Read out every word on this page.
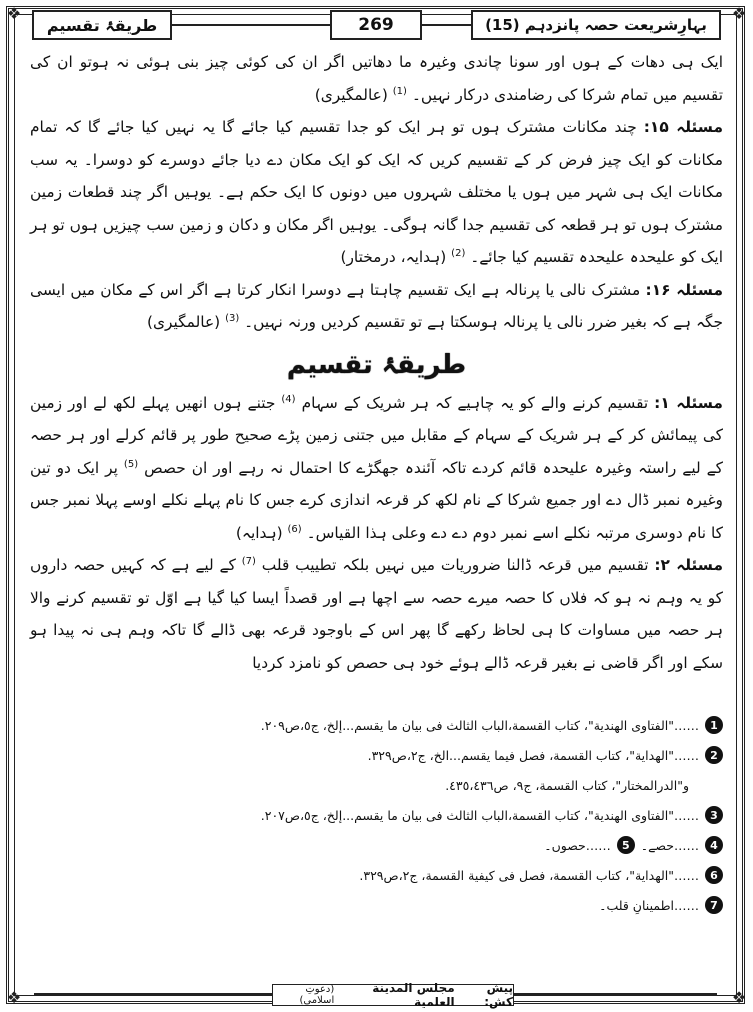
❖	❖
❖	❖
بہارِشریعت حصہ پانزدہم (15)
269
طریقۂ تقسیم

ایک ہی دھات کے ہوں اور سونا چاندی وغیرہ ما دھاتیں اگر ان کی کوئی چیز بنی ہوئی نہ ہوتو ان کی تقسیم میں تمام شرکا کی رضامندی درکار نہیں۔ $^{(1)}$ (عالمگیری)

مسئلہ ۱۵: چند مکانات مشترک ہوں تو ہر ایک کو جدا تقسیم کیا جائے گا یہ نہیں کیا جائے گا کہ تمام مکانات کو ایک چیز فرض کر کے تقسیم کریں کہ ایک کو ایک مکان دے دیا جائے دوسرے کو دوسرا۔ یہ سب مکانات ایک ہی شہر میں ہوں یا مختلف شہروں میں دونوں کا ایک حکم ہے۔ یوہیں اگر چند قطعات زمین مشترک ہوں تو ہر قطعہ کی تقسیم جدا گانہ ہوگی۔ یوہیں اگر مکان و دکان و زمین سب چیزیں ہوں تو ہر ایک کو علیحدہ علیحدہ تقسیم کیا جائے۔ $^{(2)}$ (ہدایہ، درمختار)

مسئلہ ۱۶: مشترک نالی یا پرنالہ ہے ایک تقسیم چاہتا ہے دوسرا انکار کرتا ہے اگر اس کے مکان میں ایسی جگہ ہے کہ بغیر ضرر نالی یا پرنالہ ہوسکتا ہے تو تقسیم کردیں ورنہ نہیں۔ $^{(3)}$ (عالمگیری)

طریقۂ تقسیم

مسئلہ ۱: تقسیم کرنے والے کو یہ چاہیے کہ ہر شریک کے سہام $^{(4)}$ جتنے ہوں انھیں پہلے لکھ لے اور زمین کی پیمائش کر کے ہر شریک کے سہام کے مقابل میں جتنی زمین پڑے صحیح طور پر قائم کرلے اور ہر حصہ کے لیے راستہ وغیرہ علیحدہ قائم کردے تاکہ آئندہ جھگڑے کا احتمال نہ رہے اور ان حصص $^{(5)}$ پر ایک دو تین وغیرہ نمبر ڈال دے اور جمیع شرکا کے نام لکھ کر قرعہ اندازی کرے جس کا نام پہلے نکلے اوسے پہلا نمبر جس کا نام دوسری مرتبہ نکلے اسے نمبر دوم دے دے وعلی ہذا القیاس۔ $^{(6)}$ (ہدایہ)

مسئلہ ۲: تقسیم میں قرعہ ڈالنا ضروریات میں نہیں بلکہ تطییب قلب $^{(7)}$ کے لیے ہے کہ کہیں حصہ داروں کو یہ وہم نہ ہو کہ فلاں کا حصہ میرے حصہ سے اچھا ہے اور قصداً ایسا کیا گیا ہے اوّل تو تقسیم کرنے والا ہر حصہ میں مساوات کا ہی لحاظ رکھے گا پھر اس کے باوجود قرعہ بھی ڈالے گا تاکہ وہم ہی نہ پیدا ہو سکے اور اگر قاضی نے بغیر قرعہ ڈالے ہوئے خود ہی حصص کو نامزد کردیا

1
……"الفتاوى الهندية"، كتاب القسمة،الباب الثالث فى بيان ما يقسم...إلخ، ج٥،ص٢٠٩.
2
……"الهداية"، كتاب القسمة، فصل فيما يقسم...الخ، ج٢،ص٣٢٩.
و"الدرالمختار"، كتاب القسمة، ج٩، ص٤٣٥،٤٣٦.
3
……"الفتاوى الهندية"، كتاب القسمة،الباب الثالث فى بيان ما يقسم...إلخ، ج٥،ص٢٠٧.
4
……حصے۔
5
……حصوں۔
6
……"الهداية"، كتاب القسمة، فصل فى كيفية القسمة، ج٢،ص٣٢٩.
7
……اطمینانِ قلب۔
پیش کش:
مجلس المدينة العلمية
(دعوتِ اسلامی)
